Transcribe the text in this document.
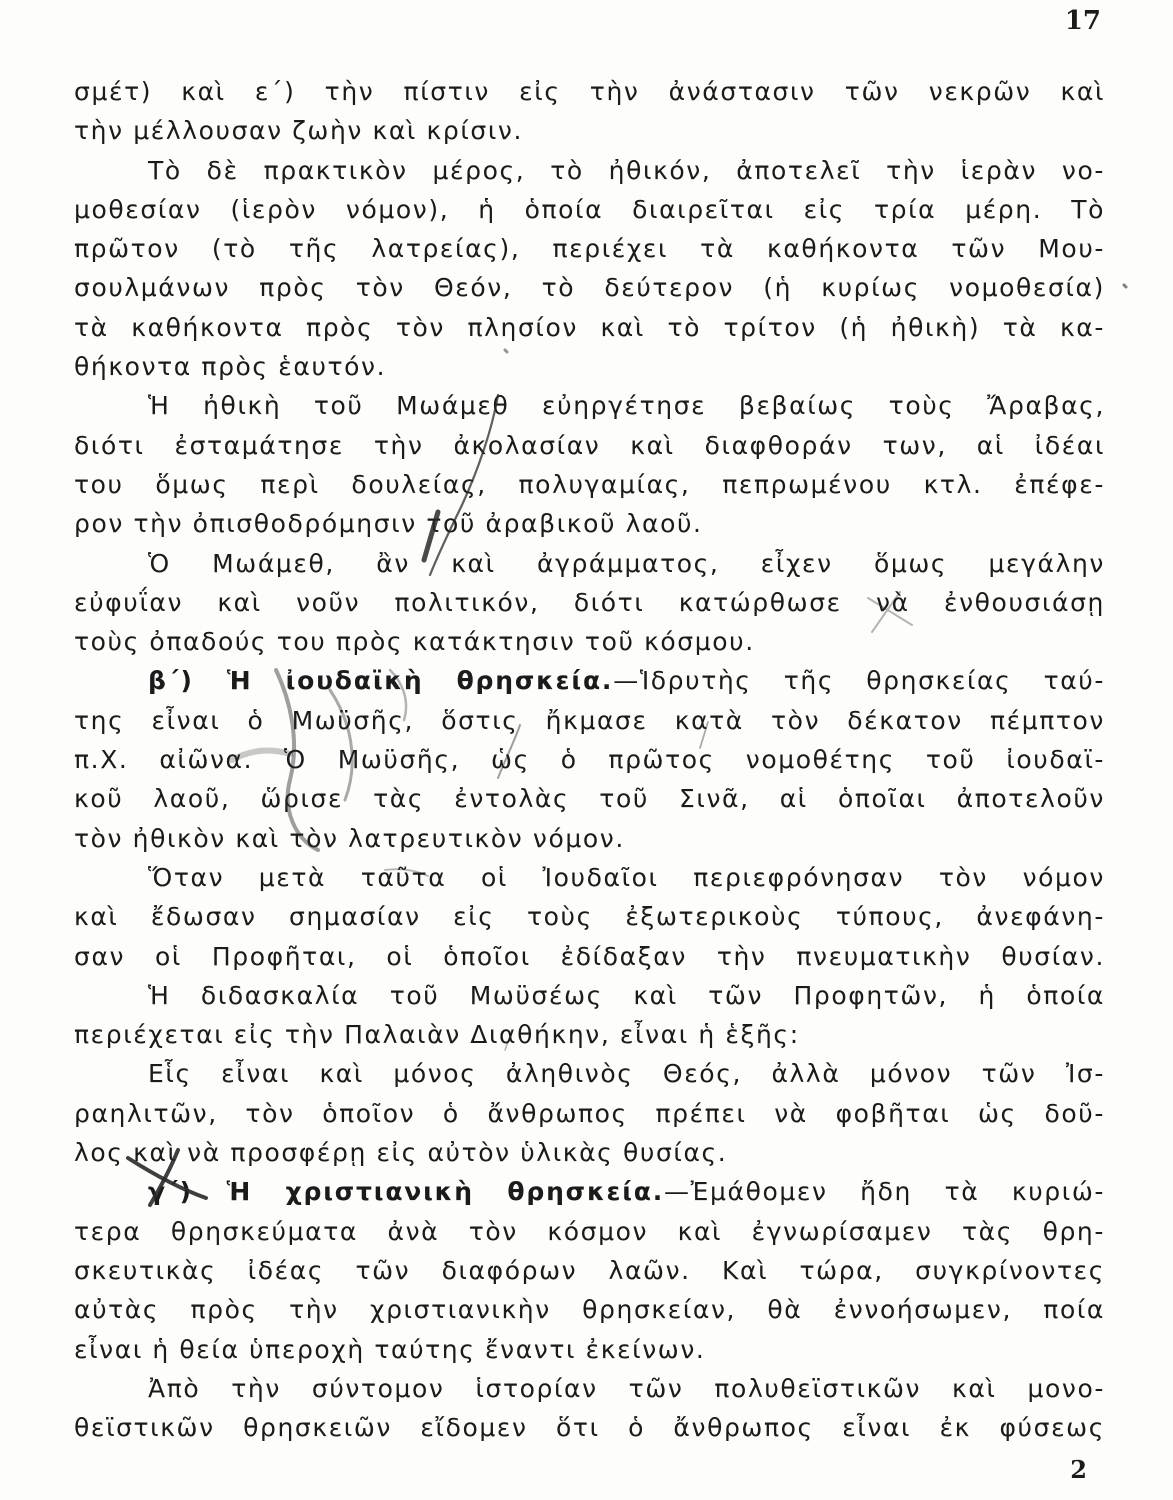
17
σμέτ) καὶ ε΄) τὴν πίστιν εἰς τὴν ἀνάστασιν τῶν νεκρῶν καὶ
τὴν μέλλουσαν ζωὴν καὶ κρίσιν.
Τὸ δὲ πρακτικὸν μέρος, τὸ ἠθικόν, ἀποτελεῖ τὴν ἱερὰν νο-
μοθεσίαν (ἱερὸν νόμον), ἡ ὁποία διαιρεῖται εἰς τρία μέρη. Τὸ
πρῶτον (τὸ τῆς λατρείας), περιέχει τὰ καθήκοντα τῶν Μου-
σουλμάνων πρὸς τὸν Θεόν, τὸ δεύτερον (ἡ κυρίως νομοθεσία)
τὰ καθήκοντα πρὸς τὸν πλησίον καὶ τὸ τρίτον (ἡ ἠθικὴ) τὰ κα-
θήκοντα πρὸς ἑαυτόν.
Ἡ ἠθικὴ τοῦ Μωάμεθ εὐηργέτησε βεβαίως τοὺς Ἄραβας,
διότι ἐσταμάτησε τὴν ἀκολασίαν καὶ διαφθοράν των, αἱ ἰδέαι
του ὅμως περὶ δουλείας, πολυγαμίας, πεπρωμένου κτλ. ἐπέφε-
ρον τὴν ὀπισθοδρόμησιν τοῦ ἀραβικοῦ λαοῦ.
Ὁ Μωάμεθ, ἂν καὶ ἀγράμματος, εἶχεν ὅμως μεγάλην
εὐφυΐαν καὶ νοῦν πολιτικόν, διότι κατώρθωσε νὰ ἐνθουσιάσῃ
τοὺς ὀπαδούς του πρὸς κατάκτησιν τοῦ κόσμου.
β΄) Ἡ ἰουδαϊκὴ θρησκεία.—Ἱδρυτὴς τῆς θρησκείας ταύ-
της εἶναι ὁ Μωϋσῆς, ὅστις ἤκμασε κατὰ τὸν δέκατον πέμπτον
π.Χ. αἰῶνα. Ὁ Μωϋσῆς, ὡς ὁ πρῶτος νομοθέτης τοῦ ἰουδαϊ-
κοῦ λαοῦ, ὥρισε τὰς ἐντολὰς τοῦ Σινᾶ, αἱ ὁποῖαι ἀποτελοῦν
τὸν ἠθικὸν καὶ τὸν λατρευτικὸν νόμον.
Ὅταν μετὰ ταῦτα οἱ Ἰουδαῖοι περιεφρόνησαν τὸν νόμον
καὶ ἔδωσαν σημασίαν εἰς τοὺς ἐξωτερικοὺς τύπους, ἀνεφάνη-
σαν οἱ Προφῆται, οἱ ὁποῖοι ἐδίδαξαν τὴν πνευματικὴν θυσίαν.
Ἡ διδασκαλία τοῦ Μωϋσέως καὶ τῶν Προφητῶν, ἡ ὁποία
περιέχεται εἰς τὴν Παλαιὰν Διαθήκην, εἶναι ἡ ἑξῆς:
Εἷς εἶναι καὶ μόνος ἀληθινὸς Θεός, ἀλλὰ μόνον τῶν Ἰσ-
ραηλιτῶν, τὸν ὁποῖον ὁ ἄνθρωπος πρέπει νὰ φοβῆται ὡς δοῦ-
λος καὶ νὰ προσφέρῃ εἰς αὐτὸν ὑλικὰς θυσίας.
γ΄) Ἡ χριστιανικὴ θρησκεία.—Ἐμάθομεν ἤδη τὰ κυριώ-
τερα θρησκεύματα ἀνὰ τὸν κόσμον καὶ ἐγνωρίσαμεν τὰς θρη-
σκευτικὰς ἰδέας τῶν διαφόρων λαῶν. Καὶ τώρα, συγκρίνοντες
αὐτὰς πρὸς τὴν χριστιανικὴν θρησκείαν, θὰ ἐννοήσωμεν, ποία
εἶναι ἡ θεία ὑπεροχὴ ταύτης ἔναντι ἐκείνων.
Ἀπὸ τὴν σύντομον ἱστορίαν τῶν πολυθεϊστικῶν καὶ μονο-
θεϊστικῶν θρησκειῶν εἴδομεν ὅτι ὁ ἄνθρωπος εἶναι ἐκ φύσεως
2
